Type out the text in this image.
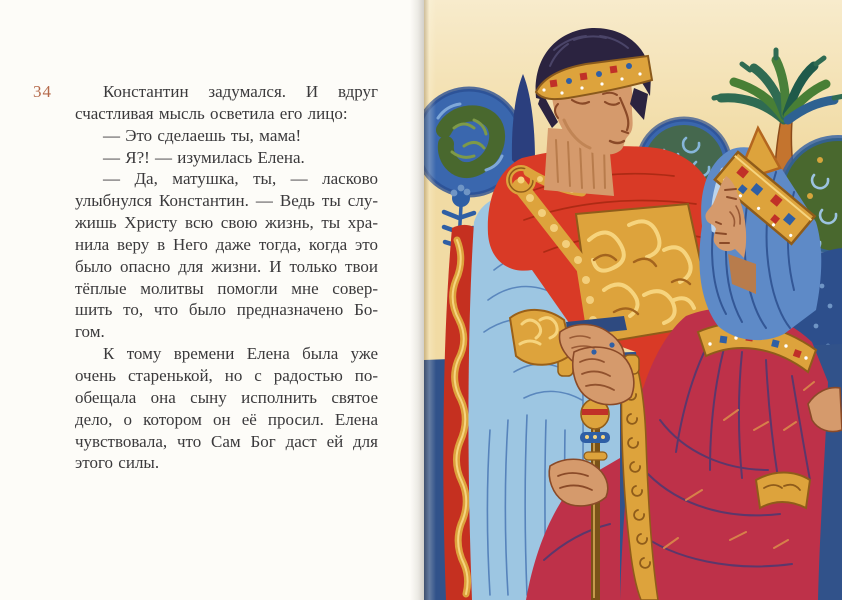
34	Константин задумался. И вдруг
счастливая мысль осветила его лицо:
— Это сделаешь ты, мама!
— Я?! — изумилась Елена.
— Да, матушка, ты, — ласково
улыбнулся Константин. — Ведь ты слу-
жишь Христу всю свою жизнь, ты хра-
нила веру в Него даже тогда, когда это
было опасно для жизни. И только твои
тёплые молитвы помогли мне совер-
шить то, что было предназначено Бо-
гом.
К тому времени Елена была уже
очень старенькой, но с радостью по-
обещала она сыну исполнить святое
дело, о котором он её просил. Елена
чувствовала, что Сам Бог даст ей для
этого силы.
